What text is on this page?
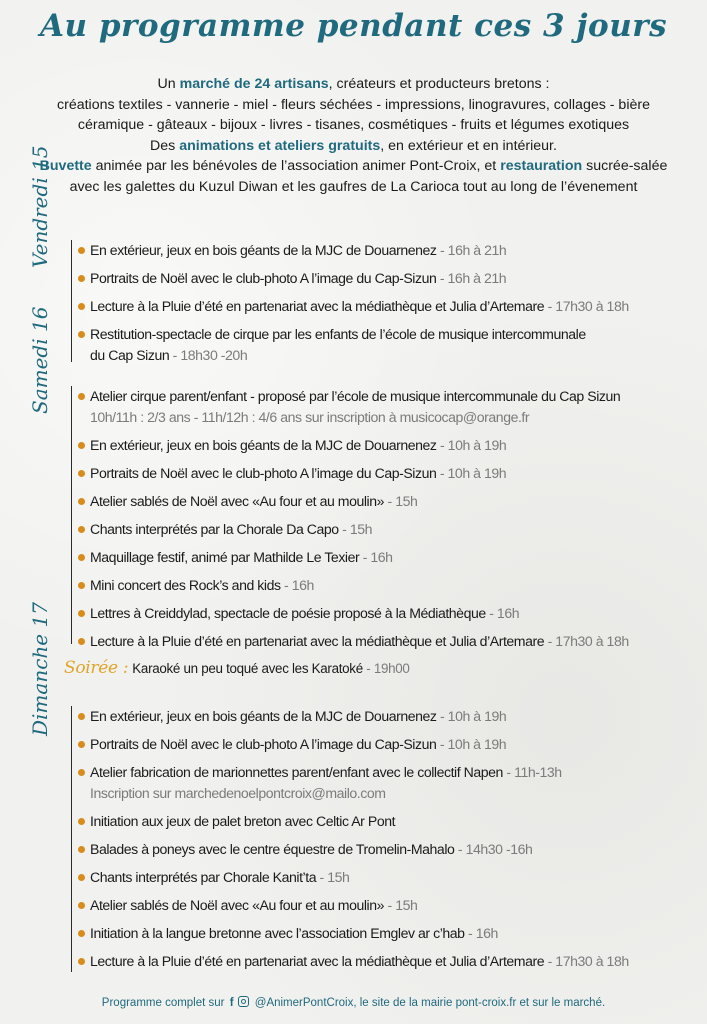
Au programme pendant ces 3 jours

Un marché de 24 artisans, créateurs et producteurs bretons :

créations textiles - vannerie - miel - fleurs séchées - impressions, linogravures, collages - bière

céramique - gâteaux - bijoux - livres - tisanes, cosmétiques - fruits et légumes exotiques

Des animations et ateliers gratuits, en extérieur et en intérieur.

Buvette animée par les bénévoles de l’association animer Pont-Croix, et restauration sucrée-salée

avec les galettes du Kuzul Diwan et les gaufres de La Carioca tout au long de l’évenement

Vendredi 15	En extérieur, jeux en bois géants de la MJC de Douarnenez - 16h à 21h
Portraits de Noël avec le club-photo A l’image du Cap-Sizun - 16h à 21h
Lecture à la Pluie d’été en partenariat avec la médiathèque et Julia d’Artemare - 17h30 à 18h
Restitution-spectacle de cirque par les enfants de l’école de musique intercommunale
du Cap Sizun - 18h30 -20h
Samedi 16	Atelier cirque parent/enfant - proposé par l’école de musique intercommunale du Cap Sizun
10h/11h : 2/3 ans - 11h/12h : 4/6 ans sur inscription à musicocap@orange.fr
En extérieur, jeux en bois géants de la MJC de Douarnenez - 10h à 19h
Portraits de Noël avec le club-photo A l’image du Cap-Sizun - 10h à 19h
Atelier sablés de Noël avec «Au four et au moulin» - 15h
Chants interprétés par la Chorale Da Capo - 15h
Maquillage festif, animé par Mathilde Le Texier - 16h
Mini concert des Rock’s and kids - 16h
Lettres à Creiddylad, spectacle de poésie proposé à la Médiathèque - 16h
Lecture à la Pluie d’été en partenariat avec la médiathèque et Julia d’Artemare - 17h30 à 18h
Soirée : Karaoké un peu toqué avec les Karatoké - 19h00
Dimanche 17	En extérieur, jeux en bois géants de la MJC de Douarnenez - 10h à 19h
Portraits de Noël avec le club-photo A l’image du Cap-Sizun - 10h à 19h
Atelier fabrication de marionnettes parent/enfant avec le collectif Napen - 11h-13h
Inscription sur marchedenoelpontcroix@mailo.com
Initiation aux jeux de palet breton avec Celtic Ar Pont
Balades à poneys avec le centre équestre de Tromelin-Mahalo - 14h30 -16h
Chants interprétés par Chorale Kanit’ta - 15h
Atelier sablés de Noël avec «Au four et au moulin» - 15h
Initiation à la langue bretonne avec l’association Emglev ar c’hab - 16h
Lecture à la Pluie d’été en partenariat avec la médiathèque et Julia d’Artemare - 17h30 à 18h
Programme complet sur f @AnimerPontCroix, le site de la mairie pont-croix.fr et sur le marché.
